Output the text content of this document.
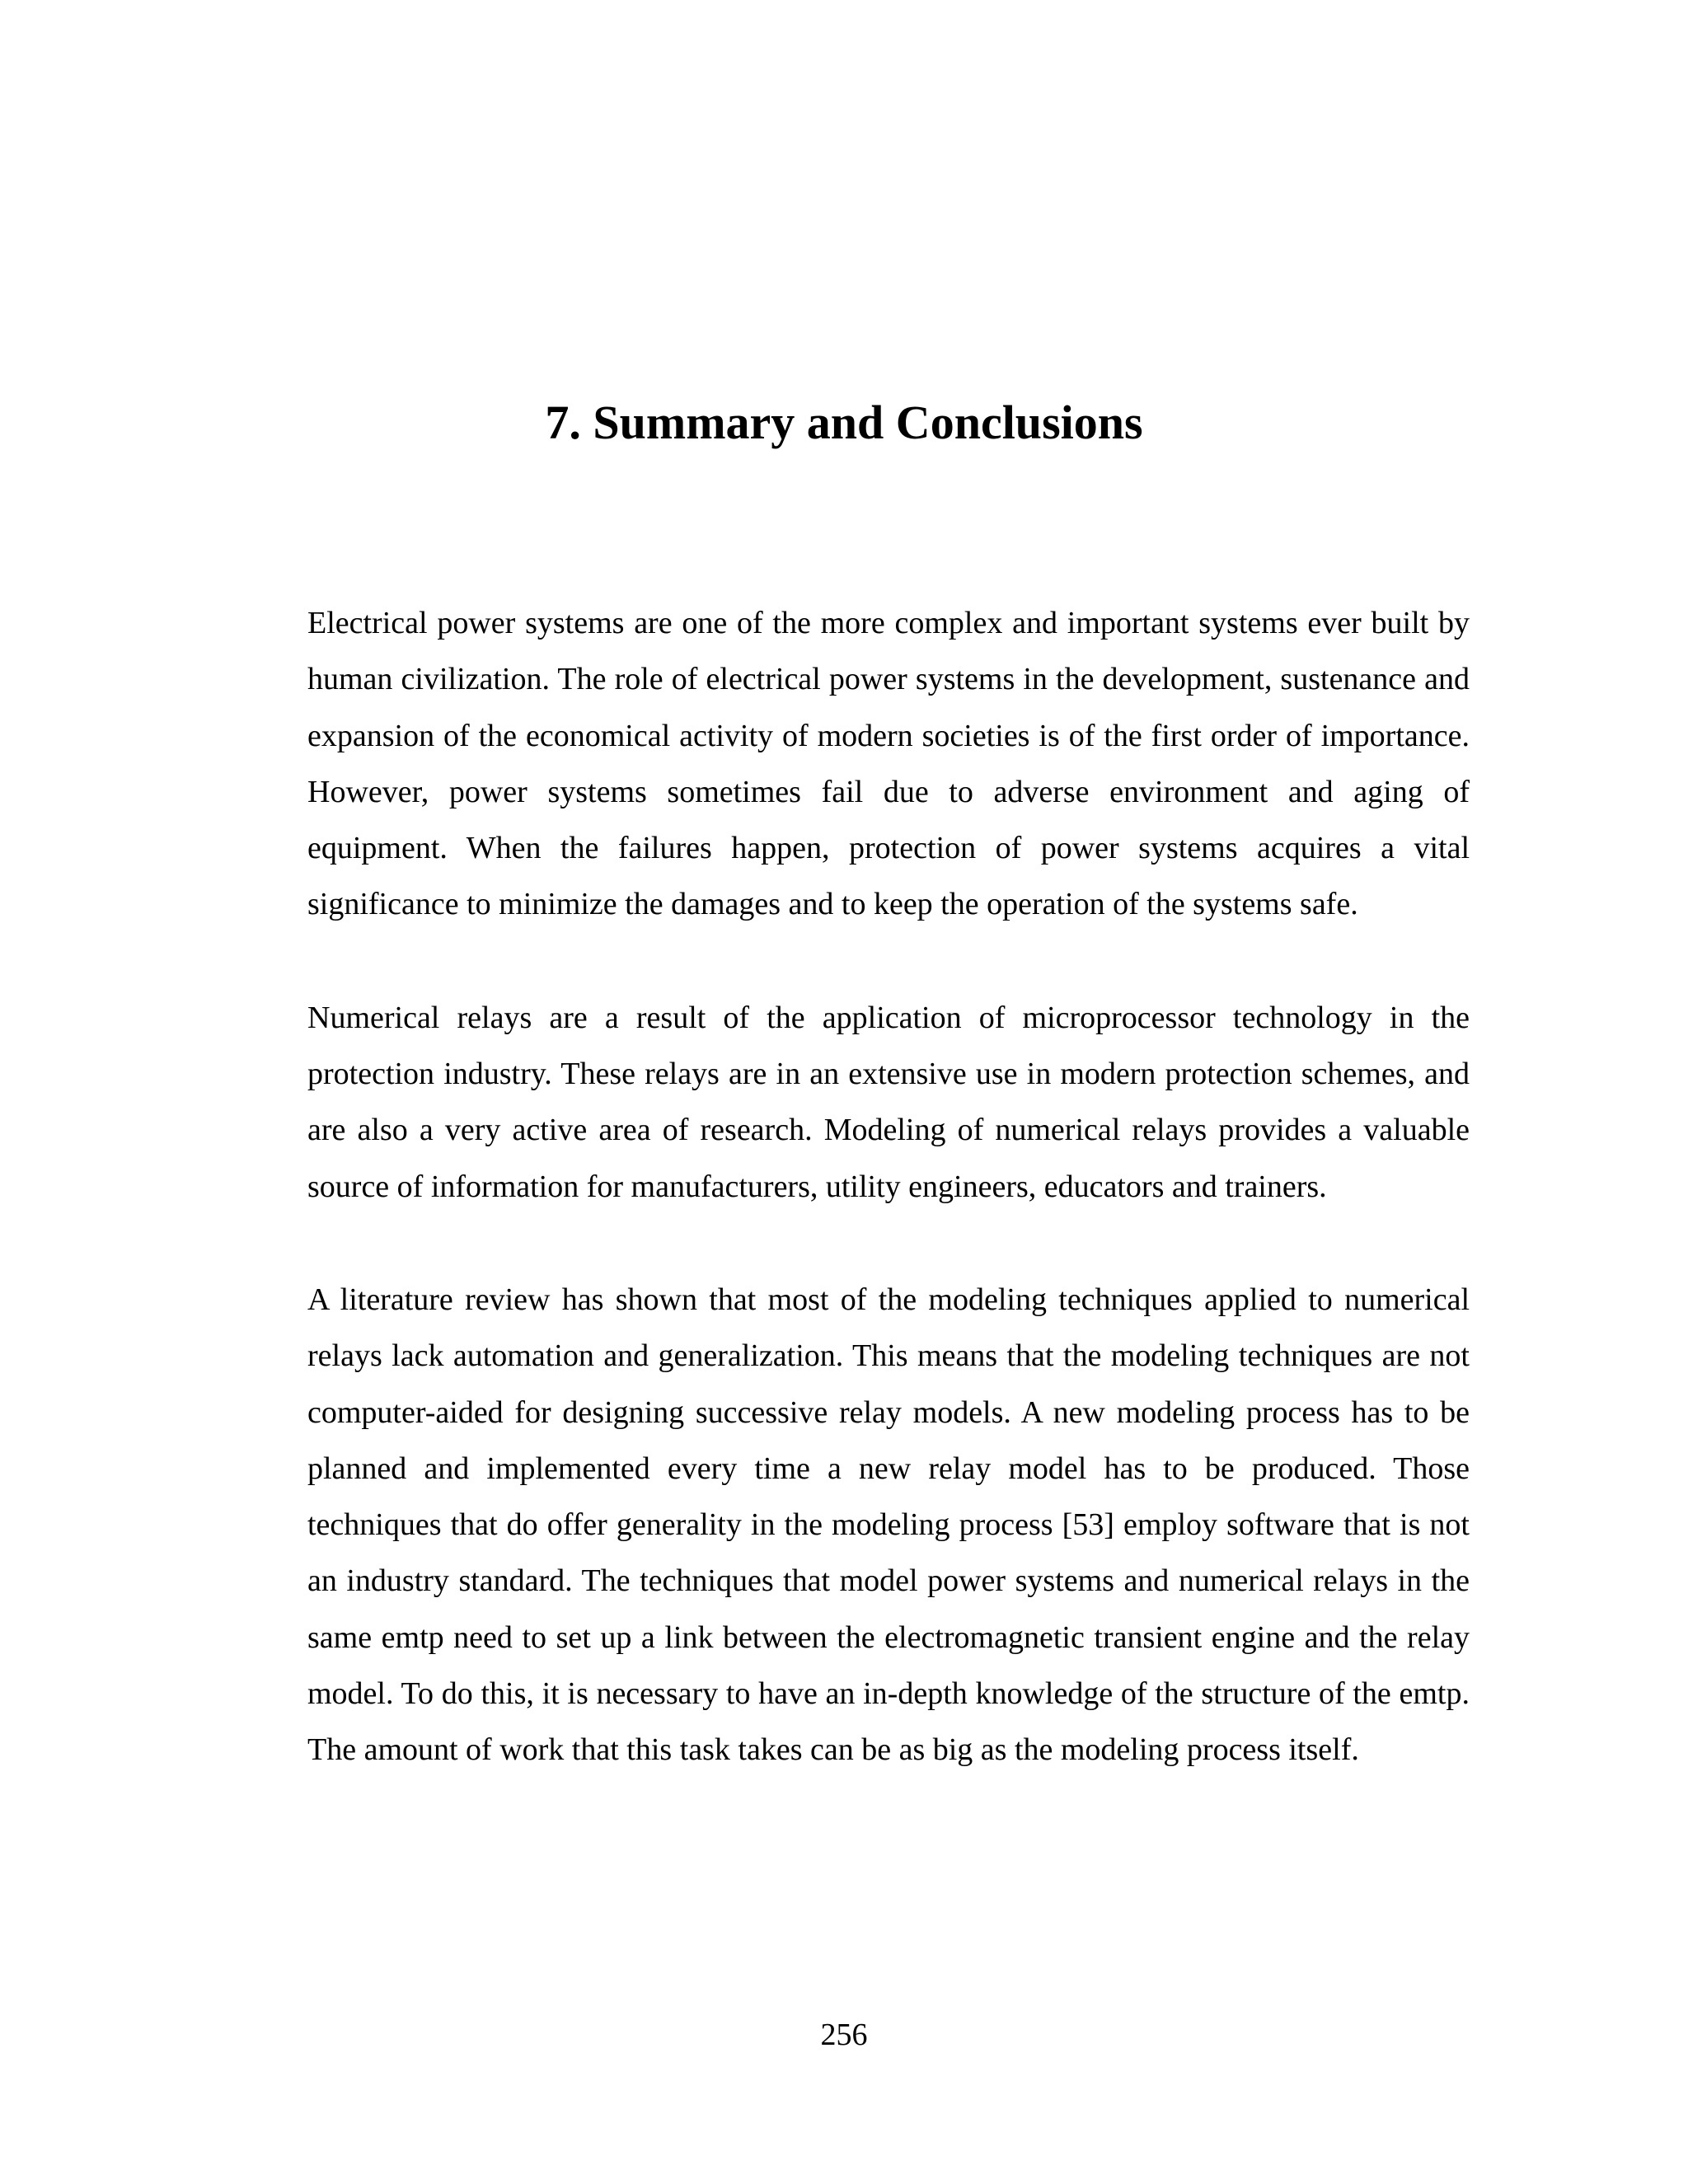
7. Summary and Conclusions

Electrical power systems are one of the more complex and important systems ever built by human civilization. The role of electrical power systems in the development, sustenance and expansion of the economical activity of modern societies is of the first order of importance. However, power systems sometimes fail due to adverse environment and aging of equipment. When the failures happen, protection of power systems acquires a vital significance to minimize the damages and to keep the operation of the systems safe.

Numerical relays are a result of the application of microprocessor technology in the protection industry. These relays are in an extensive use in modern protection schemes, and are also a very active area of research. Modeling of numerical relays provides a valuable source of information for manufacturers, utility engineers, educators and trainers.

A literature review has shown that most of the modeling techniques applied to numerical relays lack automation and generalization. This means that the modeling techniques are not computer-aided for designing successive relay models. A new modeling process has to be planned and implemented every time a new relay model has to be produced. Those techniques that do offer generality in the modeling process [53] employ software that is not an industry standard. The techniques that model power systems and numerical relays in the same emtp need to set up a link between the electromagnetic transient engine and the relay model. To do this, it is necessary to have an in-depth knowledge of the structure of the emtp. The amount of work that this task takes can be as big as the modeling process itself.

256
